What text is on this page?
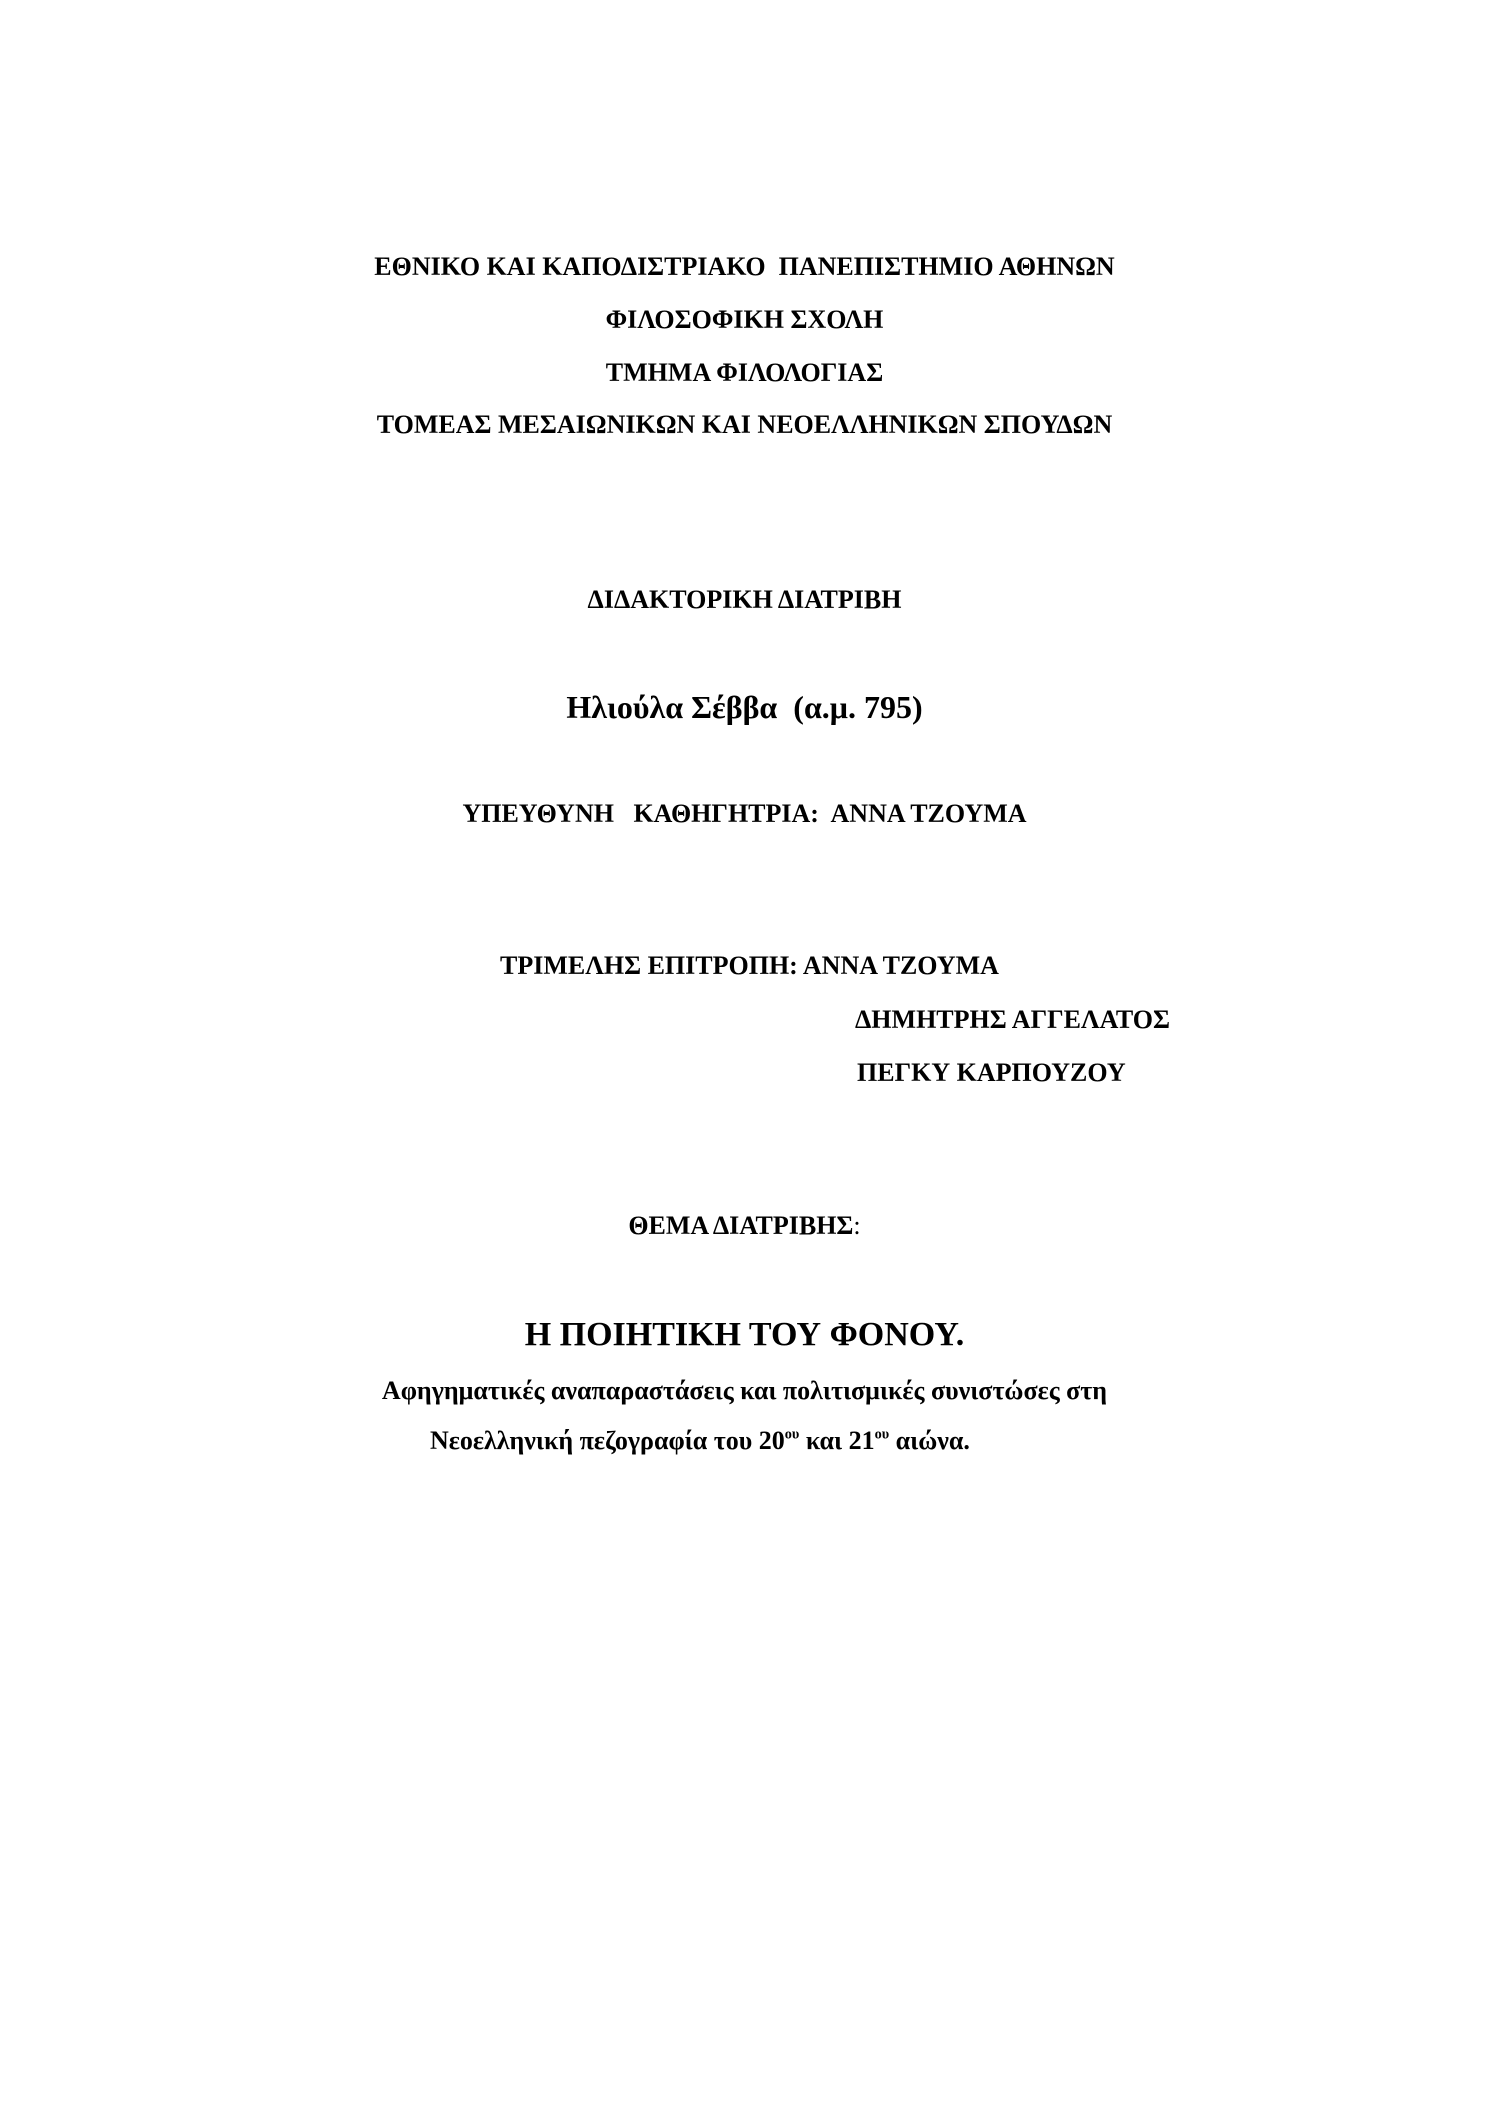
ΕΘΝΙΚΟ ΚΑΙ ΚΑΠΟΔΙΣΤΡΙΑΚΟ  ΠΑΝΕΠΙΣΤΗΜΙΟ ΑΘΗΝΩΝ
ΦΙΛΟΣΟΦΙΚΗ ΣΧΟΛΗ
ΤΜΗΜΑ ΦΙΛΟΛΟΓΙΑΣ
ΤΟΜΕΑΣ ΜΕΣΑΙΩΝΙΚΩΝ ΚΑΙ ΝΕΟΕΛΛΗΝΙΚΩΝ ΣΠΟΥΔΩΝ
ΔΙΔΑΚΤΟΡΙΚΗ ΔΙΑΤΡΙΒΗ
Ηλιούλα Σέββα  (α.μ. 795)
ΥΠΕΥΘΥΝΗ   ΚΑΘΗΓΗΤΡΙΑ: ΑΝΝΑ ΤΖΟΥΜΑ
ΤΡΙΜΕΛΗΣ ΕΠΙΤΡΟΠΗ: ΑΝΝΑ ΤΖΟΥΜΑ
ΔΗΜΗΤΡΗΣ ΑΓΓΕΛΑΤΟΣ
ΠΕΓΚΥ ΚΑΡΠΟΥΖΟΥ
ΘΕΜΑ ΔΙΑΤΡΙΒΗΣ:
Η ΠΟΙΗΤΙΚΗ ΤΟΥ ΦΟΝΟΥ.
Αφηγηματικές αναπαραστάσεις και πολιτισμικές συνιστώσες στη
Νεοελληνική πεζογραφία του $20^{o\upsilon}$ και $21^{o\upsilon}$ αιώνα.
